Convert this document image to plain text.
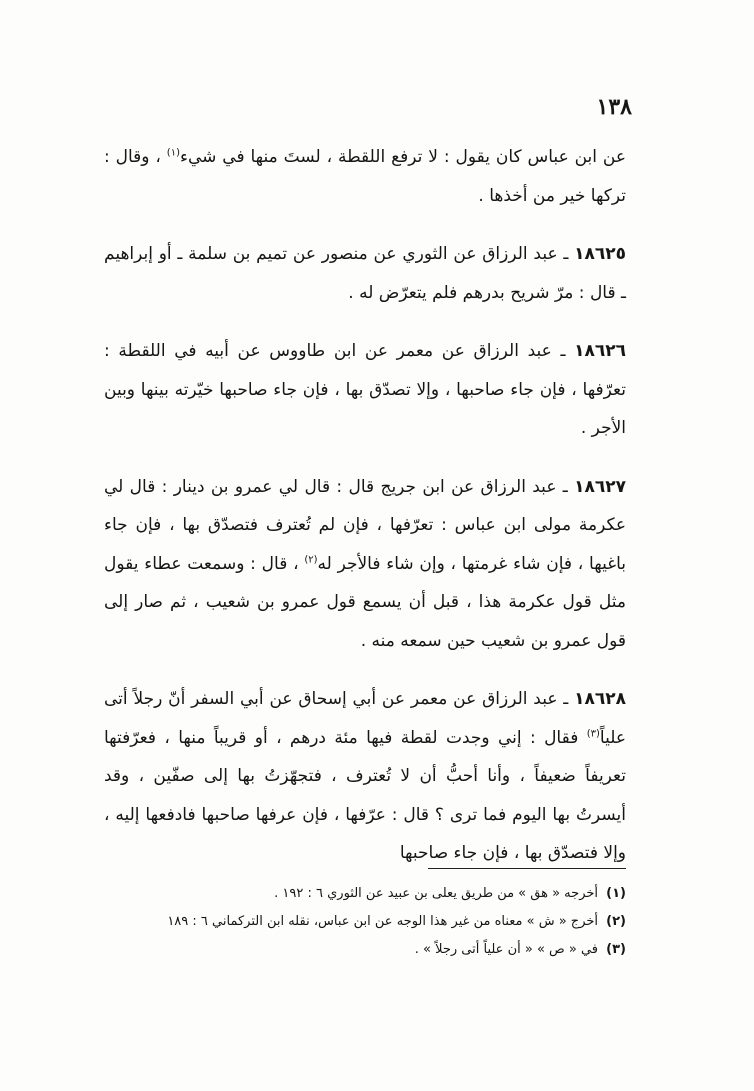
١٣٨

عن ابن عباس كان يقول : لا ترفع اللقطة ، لستَ منها في شيء$^{(١)}$ ، وقال : تركها خير من أخذها .

١٨٦٢٥ ـ عبد الرزاق عن الثوري عن منصور عن تميم بن سلمة ـ أو إبراهيم ـ قال : مرّ شريح بدرهم فلم يتعرّض له .

١٨٦٢٦ ـ عبد الرزاق عن معمر عن ابن طاووس عن أبيه في اللقطة : تعرّفها ، فإن جاء صاحبها ، وإلا تصدّق بها ، فإن جاء صاحبها خيّرته بينها وبين الأجر .

١٨٦٢٧ ـ عبد الرزاق عن ابن جريج قال : قال لي عمرو بن دينار : قال لي عكرمة مولى ابن عباس : تعرّفها ، فإن لم تُعترف فتصدّق بها ، فإن جاء باغيها ، فإن شاء غرمتها ، وإن شاء فالأجر له$^{(٢)}$ ، قال : وسمعت عطاء يقول مثل قول عكرمة هذا ، قبل أن يسمع قول عمرو بن شعيب ، ثم صار إلى قول عمرو بن شعيب حين سمعه منه .

١٨٦٢٨ ـ عبد الرزاق عن معمر عن أبي إسحاق عن أبي السفر أنّ رجلاً أتى علياً$^{(٣)}$ فقال : إني وجدت لقطة فيها مئة درهم ، أو قريباً منها ، فعرّفتها تعريفاً ضعيفاً ، وأنا أحبُّ أن لا تُعترف ، فتجهّزتُ بها إلى صفّين ، وقد أيسرتُ بها اليوم فما ترى ؟ قال : عرّفها ، فإن عرفها صاحبها فادفعها إليه ، وإلا فتصدّق بها ، فإن جاء صاحبها

(١) أخرجه « هق » من طريق يعلى بن عبيد عن الثوري ٦ : ١٩٢ .
(٢) أخرج « ش » معناه من غير هذا الوجه عن ابن عباس، نقله ابن التركماني ٦ : ١٨٩
(٣) في « ص » « أن علياً أتى رجلاً » .
